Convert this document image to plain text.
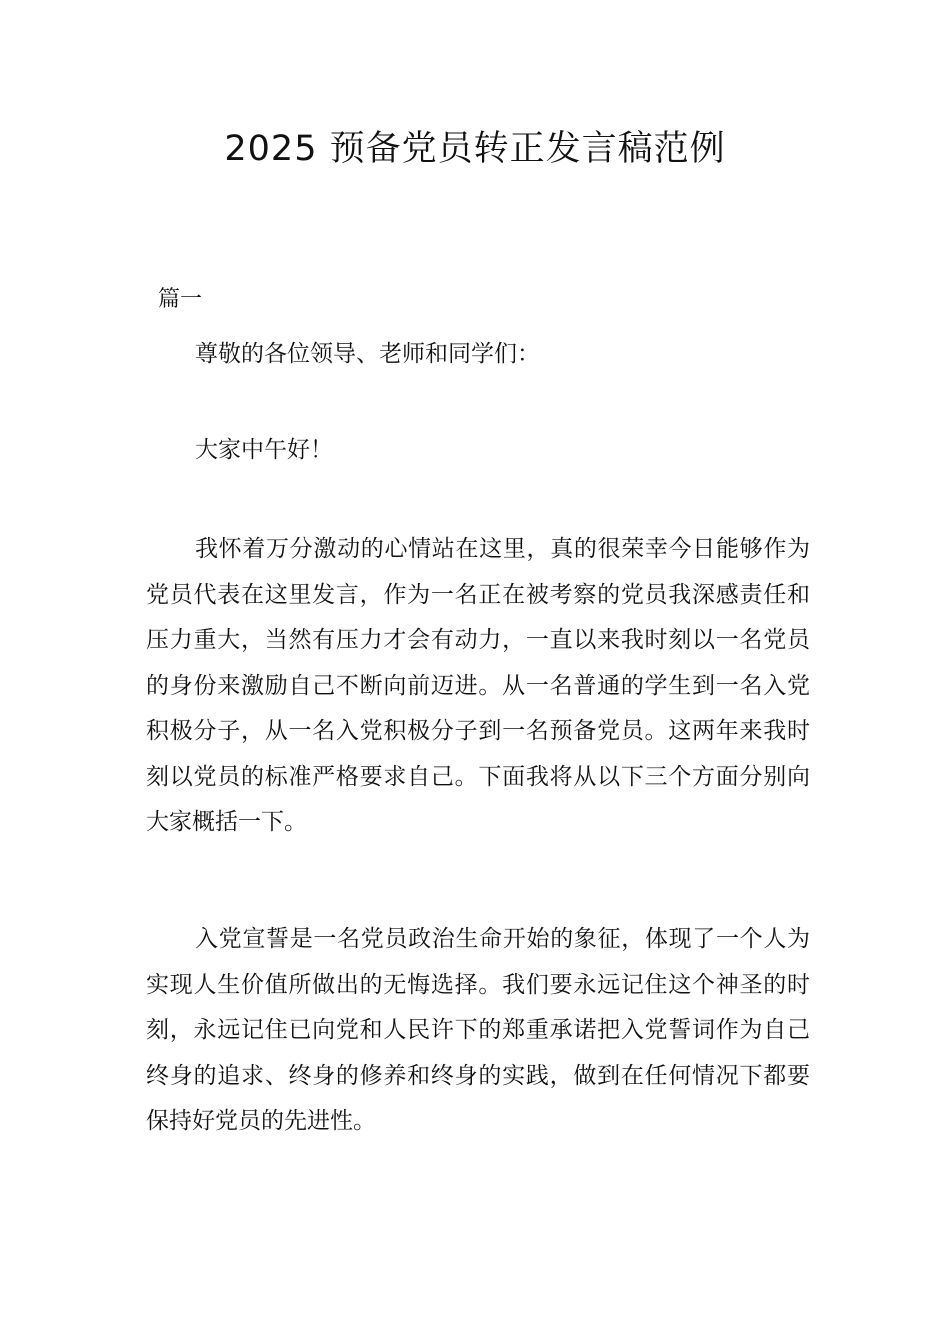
2025 预备党员转正发言稿范例

篇一

尊敬的各位领导、老师和同学们：

大家中午好！

我怀着万分激动的心情站在这里，真的很荣幸今日能够作为党员代表在这里发言，作为一名正在被考察的党员我深感责任和压力重大，当然有压力才会有动力，一直以来我时刻以一名党员的身份来激励自己不断向前迈进。从一名普通的学生到一名入党积极分子，从一名入党积极分子到一名预备党员。这两年来我时刻以党员的标准严格要求自己。下面我将从以下三个方面分别向大家概括一下。

入党宣誓是一名党员政治生命开始的象征，体现了一个人为实现人生价值所做出的无悔选择。我们要永远记住这个神圣的时刻，永远记住已向党和人民许下的郑重承诺把入党誓词作为自己终身的追求、终身的修养和终身的实践，做到在任何情况下都要保持好党员的先进性。
